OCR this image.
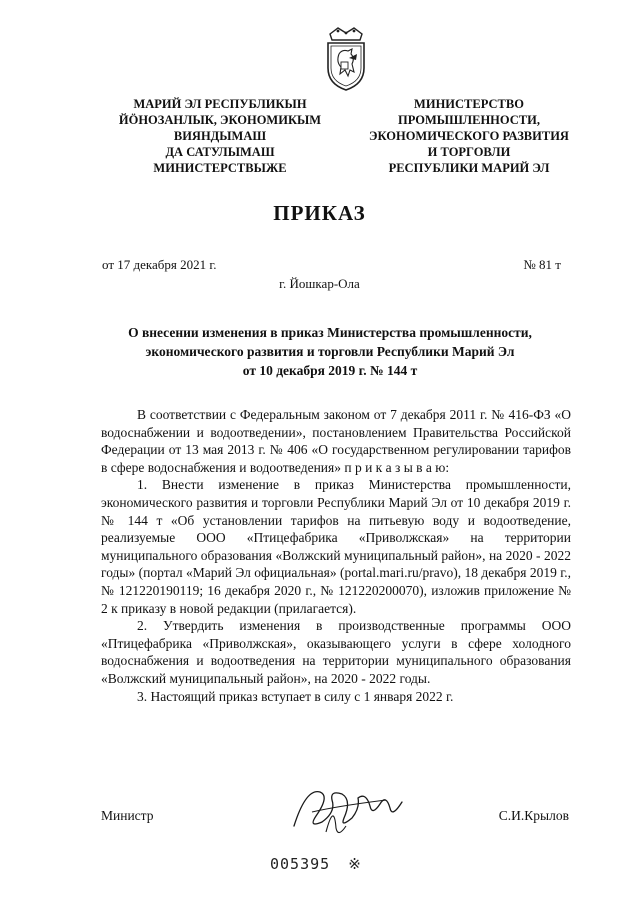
МАРИЙ ЭЛ РЕСПУБЛИКЫН
ЙÖНОЗАНЛЫК, ЭКОНОМИКЫМ
ВИЯНДЫМАШ
ДА САТУЛЫМАШ
МИНИСТЕРСТВЫЖЕ
МИНИСТЕРСТВО
ПРОМЫШЛЕННОСТИ,
ЭКОНОМИЧЕСКОГО РАЗВИТИЯ
И ТОРГОВЛИ
РЕСПУБЛИКИ МАРИЙ ЭЛ
ПРИКАЗ
от 17 декабря 2021 г.	№ 81 т
г. Йошкар-Ола
О внесении изменения в приказ Министерства промышленности,
экономического развития и торговли Республики Марий Эл
от 10 декабря 2019 г. № 144 т

В соответствии с Федеральным законом от 7 декабря 2011 г. № 416-ФЗ «О водоснабжении и водоотведении», постановлением Правительства Российской Федерации от 13 мая 2013 г. № 406 «О государственном регулировании тарифов в сфере водоснабжения и водоотведения» п р и к а з ы в а ю:

1. Внести изменение в приказ Министерства промышленности, экономического развития и торговли Республики Марий Эл от 10 декабря 2019 г. № 144 т «Об установлении тарифов на питьевую воду и водоотведение, реализуемые ООО «Птицефабрика «Приволжская» на территории муниципального образования «Волжский муниципальный район», на 2020 - 2022 годы» (портал «Марий Эл официальная» (portal.mari.ru/pravo), 18 декабря 2019 г., № 121220190119; 16 декабря 2020 г., № 121220200070), изложив приложение № 2 к приказу в новой редакции (прилагается).

2. Утвердить изменения в производственные программы ООО «Птицефабрика «Приволжская», оказывающего услуги в сфере холодного водоснабжения и водоотведения на территории муниципального образования «Волжский муниципальный район», на 2020 - 2022 годы.

3. Настоящий приказ вступает в силу с 1 января 2022 г.

Министр	С.И.Крылов
005395 ※
